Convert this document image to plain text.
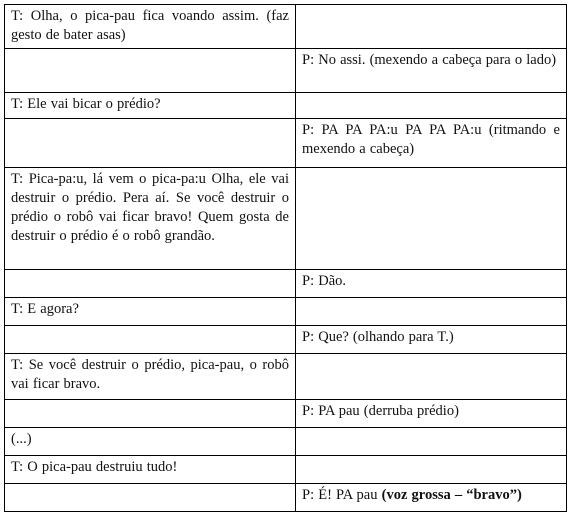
T: Olha, o pica-pau fica voando assim. (faz gesto de bater asas)	
	P: No assi. (mexendo a cabeça para o lado)
T: Ele vai bicar o prédio?	
	P: PA PA PA:u PA PA PA:u (ritmando e mexendo a cabeça)
T: Pica-pa:u, lá vem o pica-pa:u Olha, ele vai destruir o prédio. Pera aí. Se você destruir o prédio o robô vai ficar bravo! Quem gosta de destruir o prédio é o robô grandão.	
	P: Dão.
T: E agora?	
	P: Que? (olhando para T.)
T: Se você destruir o prédio, pica-pau, o robô vai ficar bravo.	
	P: PA pau (derruba prédio)
(...)	
T: O pica-pau destruiu tudo!	
	P: É! PA pau (voz grossa – “bravo”)
